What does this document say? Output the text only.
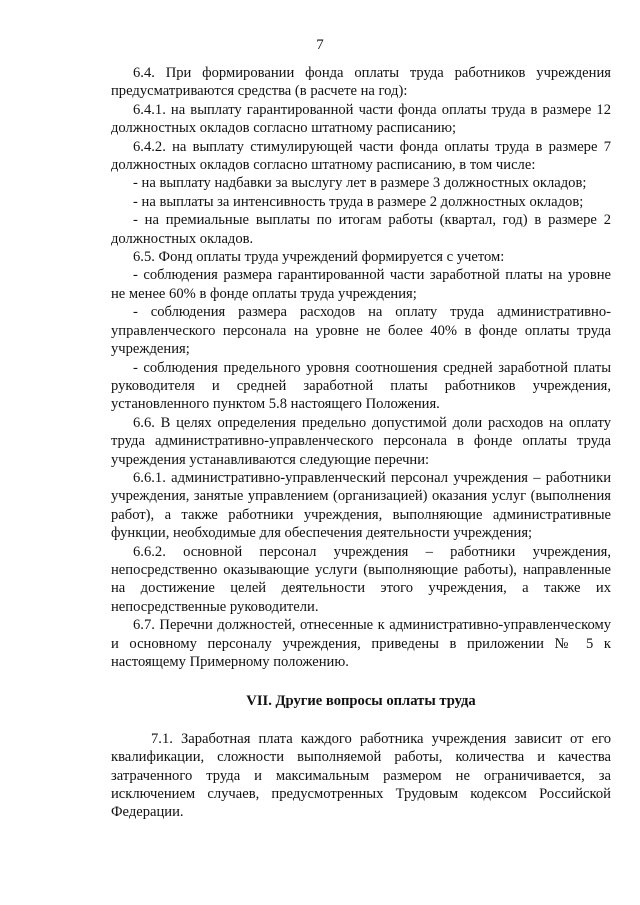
7

6.4. При формировании фонда оплаты труда работников учреждения предусматриваются средства (в расчете на год):

6.4.1. на выплату гарантированной части фонда оплаты труда в размере 12 должностных окладов согласно штатному расписанию;

6.4.2. на выплату стимулирующей части фонда оплаты труда в размере 7 должностных окладов согласно штатному расписанию, в том числе:

- на выплату надбавки за выслугу лет в размере 3 должностных окладов;

- на выплаты за интенсивность труда в размере 2 должностных окладов;

- на премиальные выплаты по итогам работы (квартал, год) в размере 2 должностных окладов.

6.5. Фонд оплаты труда учреждений формируется с учетом:

- соблюдения размера гарантированной части заработной платы на уровне не менее 60% в фонде оплаты труда учреждения;

- соблюдения размера расходов на оплату труда административно-управленческого персонала на уровне не более 40% в фонде оплаты труда учреждения;

- соблюдения предельного уровня соотношения средней заработной платы руководителя и средней заработной платы работников учреждения, установленного пунктом 5.8 настоящего Положения.

6.6. В целях определения предельно допустимой доли расходов на оплату труда административно-управленческого персонала в фонде оплаты труда учреждения устанавливаются следующие перечни:

6.6.1. административно-управленческий персонал учреждения – работники учреждения, занятые управлением (организацией) оказания услуг (выполнения работ), а также работники учреждения, выполняющие административные функции, необходимые для обеспечения деятельности учреждения;

6.6.2. основной персонал учреждения – работники учреждения, непосредственно оказывающие услуги (выполняющие работы), направленные на достижение целей деятельности этого учреждения, а также их непосредственные руководители.

6.7. Перечни должностей, отнесенные к административно-управленческому и основному персоналу учреждения, приведены в приложении № 5 к настоящему Примерному положению.

VII. Другие вопросы оплаты труда

7.1. Заработная плата каждого работника учреждения зависит от его квалификации, сложности выполняемой работы, количества и качества затраченного труда и максимальным размером не ограничивается, за исключением случаев, предусмотренных Трудовым кодексом Российской Федерации.
